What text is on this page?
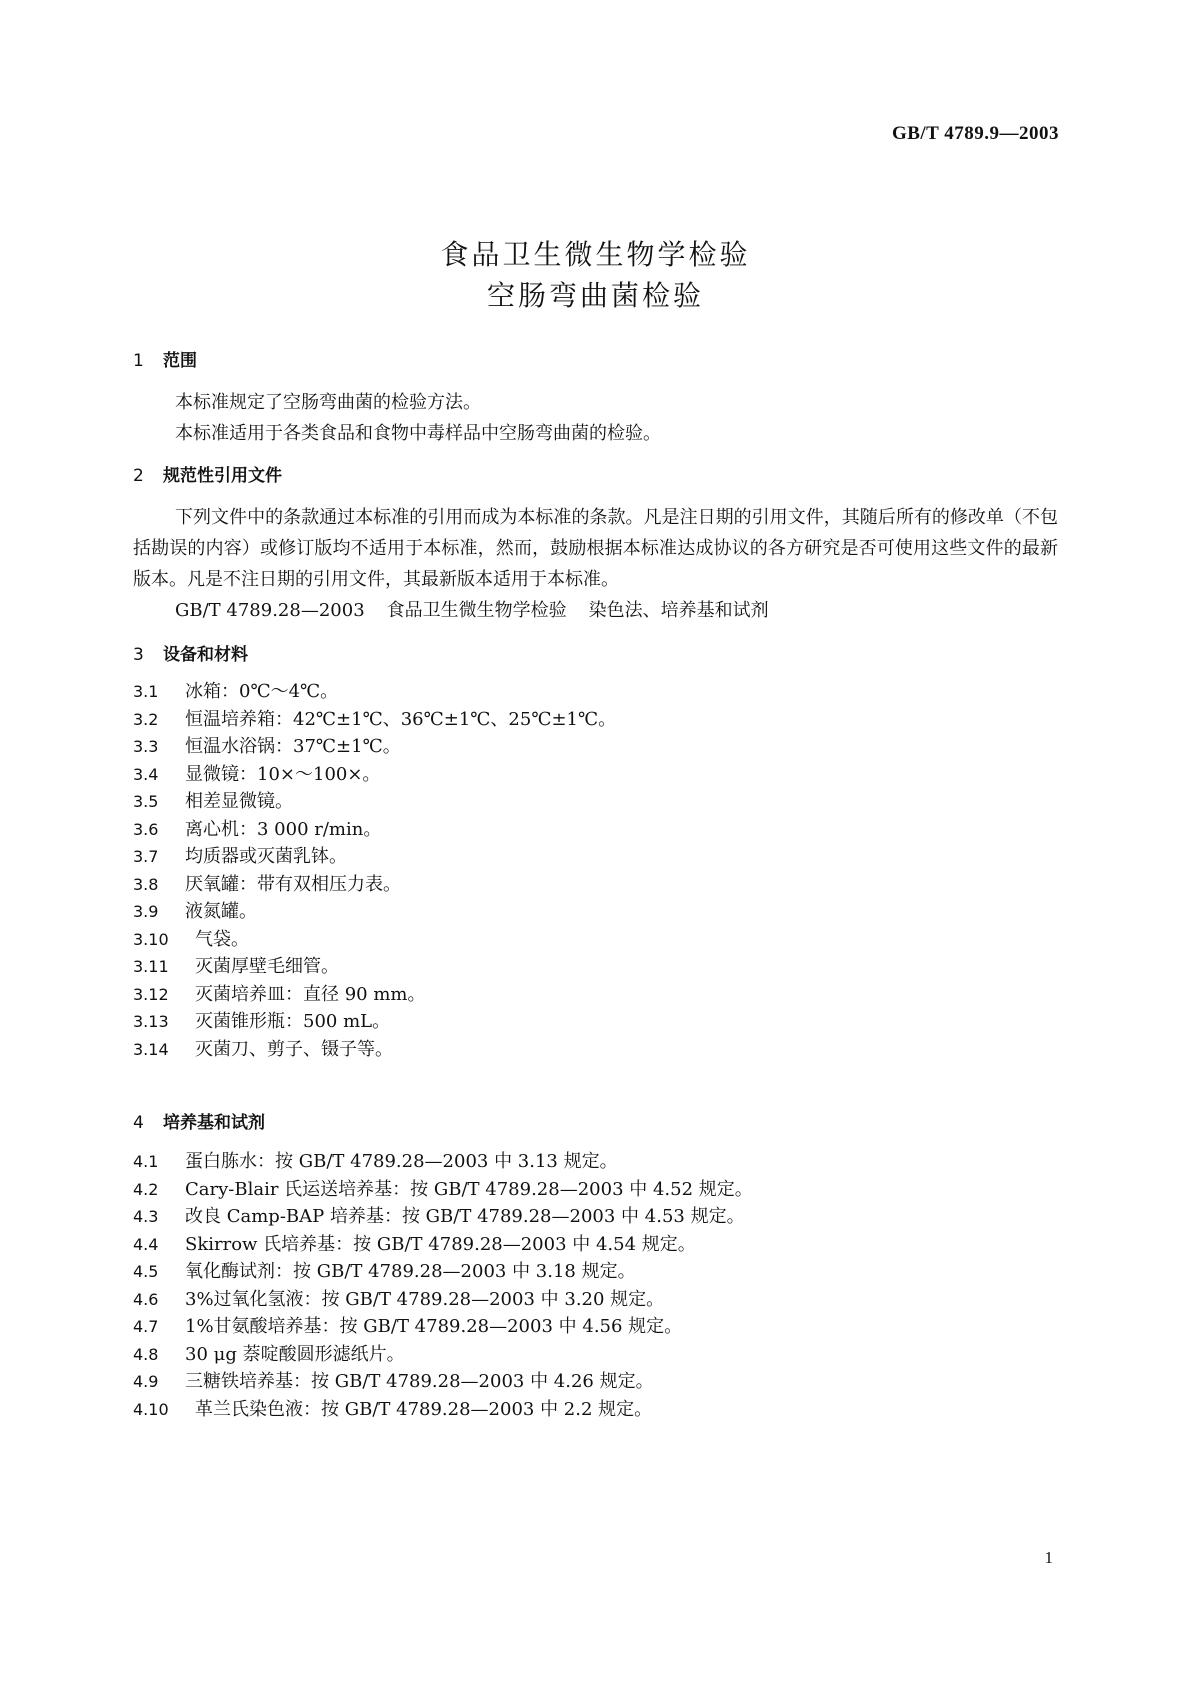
GB/T 4789.9—2003
食品卫生微生物学检验
空肠弯曲菌检验
1 范围
本标准规定了空肠弯曲菌的检验方法。
本标准适用于各类食品和食物中毒样品中空肠弯曲菌的检验。
2 规范性引用文件
下列文件中的条款通过本标准的引用而成为本标准的条款。凡是注日期的引用文件，其随后所有的修改单（不包括勘误的内容）或修订版均不适用于本标准，然而，鼓励根据本标准达成协议的各方研究是否可使用这些文件的最新版本。凡是不注日期的引用文件，其最新版本适用于本标准。
GB/T 4789.28—2003 食品卫生微生物学检验 染色法、培养基和试剂
3 设备和材料
3.1 冰箱：0℃～4℃。
3.2 恒温培养箱：42℃±1℃、36℃±1℃、25℃±1℃。
3.3 恒温水浴锅：37℃±1℃。
3.4 显微镜：10×～100×。
3.5 相差显微镜。
3.6 离心机：3 000 r/min。
3.7 均质器或灭菌乳钵。
3.8 厌氧罐：带有双相压力表。
3.9 液氮罐。
3.10 气袋。
3.11 灭菌厚壁毛细管。
3.12 灭菌培养皿：直径 90 mm。
3.13 灭菌锥形瓶：500 mL。
3.14 灭菌刀、剪子、镊子等。
4 培养基和试剂
4.1 蛋白胨水：按 GB/T 4789.28—2003 中 3.13 规定。
4.2 Cary-Blair 氏运送培养基：按 GB/T 4789.28—2003 中 4.52 规定。
4.3 改良 Camp-BAP 培养基：按 GB/T 4789.28—2003 中 4.53 规定。
4.4 Skirrow 氏培养基：按 GB/T 4789.28—2003 中 4.54 规定。
4.5 氧化酶试剂：按 GB/T 4789.28—2003 中 3.18 规定。
4.6 3%过氧化氢液：按 GB/T 4789.28—2003 中 3.20 规定。
4.7 1%甘氨酸培养基：按 GB/T 4789.28—2003 中 4.56 规定。
4.8 30 μg 萘啶酸圆形滤纸片。
4.9 三糖铁培养基：按 GB/T 4789.28—2003 中 4.26 规定。
4.10 革兰氏染色液：按 GB/T 4789.28—2003 中 2.2 规定。
1
